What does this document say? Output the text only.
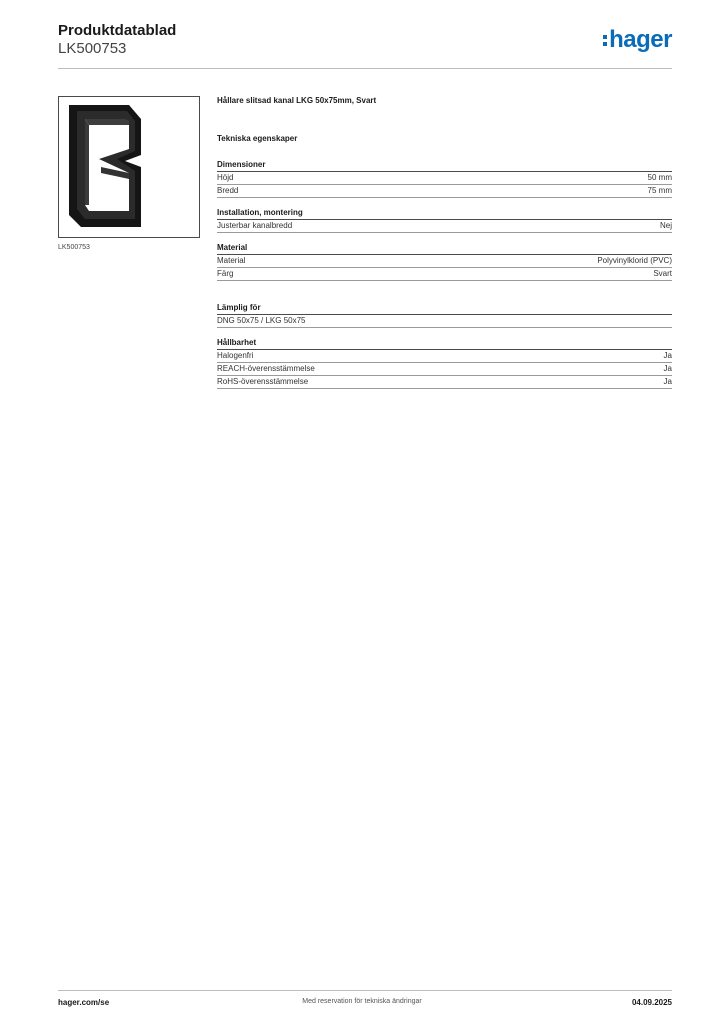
Produktdatablad
LK500753	hager
LK500753
Hållare slitsad kanal LKG 50x75mm, Svart
Tekniska egenskaper
Dimensioner
Höjd	50 mm
Bredd	75 mm
Installation, montering
Justerbar kanalbredd	Nej
Material
Material	Polyvinylklorid (PVC)
Färg	Svart
Lämplig för
DNG 50x75 / LKG 50x75
Hållbarhet
Halogenfri	Ja
REACH-överensstämmelse	Ja
RoHS-överensstämmelse	Ja
Med reservation för tekniska ändringar
hager.com/se	04.09.2025
